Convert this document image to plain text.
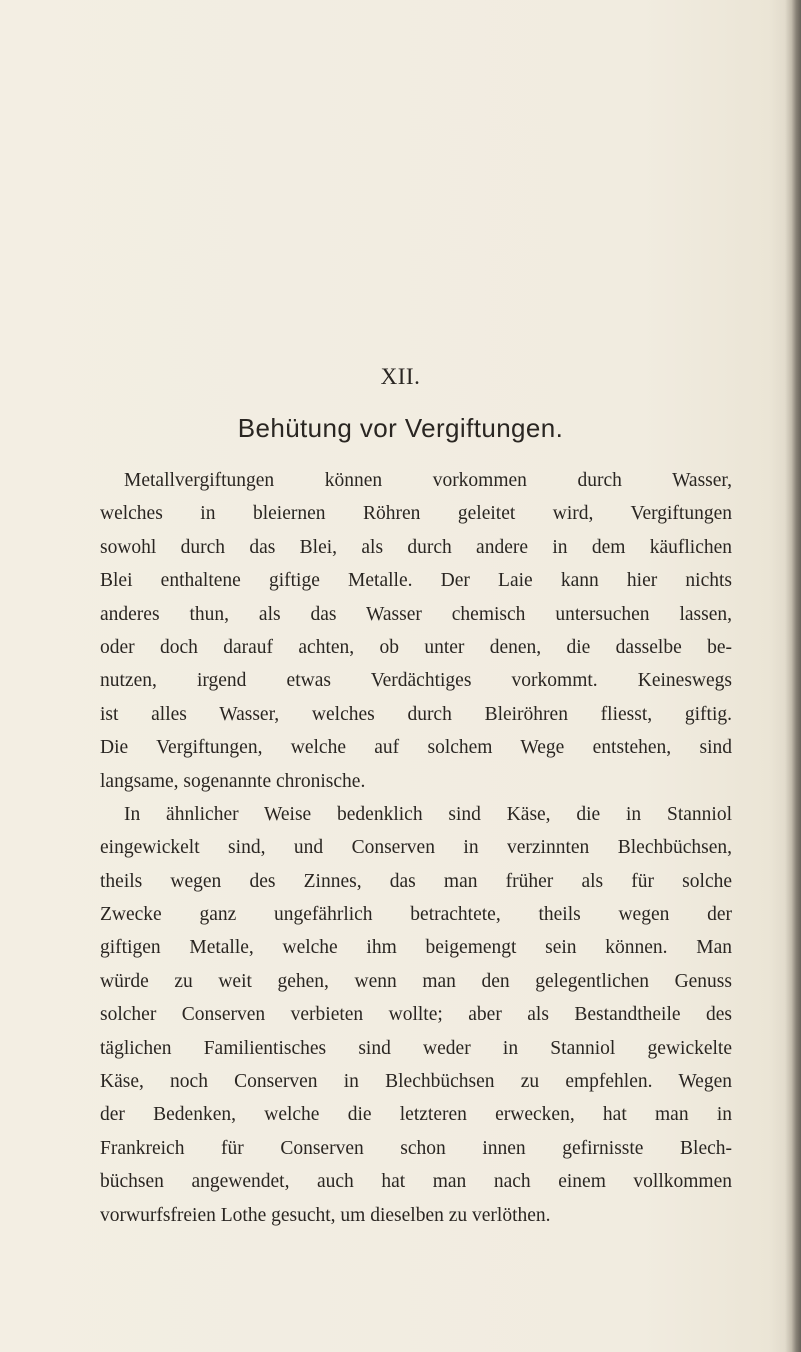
XII.
Behütung vor Vergiftungen.
Metallvergiftungen können vorkommen durch Wasser,
welches in bleiernen Röhren geleitet wird, Vergiftungen
sowohl durch das Blei, als durch andere in dem käuflichen
Blei enthaltene giftige Metalle. Der Laie kann hier nichts
anderes thun, als das Wasser chemisch untersuchen lassen,
oder doch darauf achten, ob unter denen, die dasselbe be-
nutzen, irgend etwas Verdächtiges vorkommt. Keineswegs
ist alles Wasser, welches durch Bleiröhren fliesst, giftig.
Die Vergiftungen, welche auf solchem Wege entstehen, sind
langsame, sogenannte chronische.
In ähnlicher Weise bedenklich sind Käse, die in Stanniol
eingewickelt sind, und Conserven in verzinnten Blechbüchsen,
theils wegen des Zinnes, das man früher als für solche
Zwecke ganz ungefährlich betrachtete, theils wegen der
giftigen Metalle, welche ihm beigemengt sein können. Man
würde zu weit gehen, wenn man den gelegentlichen Genuss
solcher Conserven verbieten wollte; aber als Bestandtheile des
täglichen Familientisches sind weder in Stanniol gewickelte
Käse, noch Conserven in Blechbüchsen zu empfehlen. Wegen
der Bedenken, welche die letzteren erwecken, hat man in
Frankreich für Conserven schon innen gefirnisste Blech-
büchsen angewendet, auch hat man nach einem vollkommen
vorwurfsfreien Lothe gesucht, um dieselben zu verlöthen.
